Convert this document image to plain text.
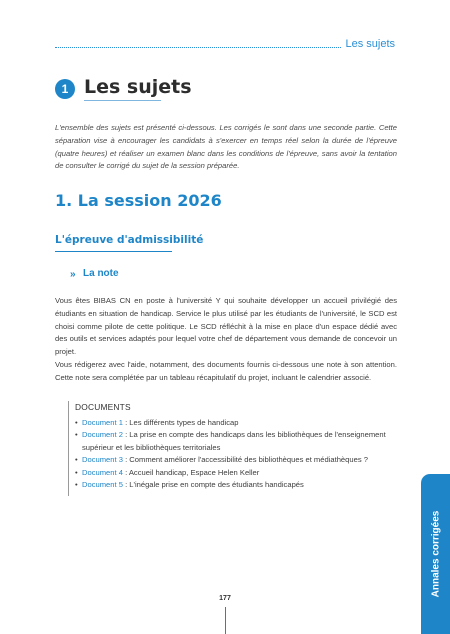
Les sujets
1 Les sujets
L'ensemble des sujets est présenté ci-dessous. Les corrigés le sont dans une seconde partie. Cette séparation vise à encourager les candidats à s'exercer en temps réel selon la durée de l'épreuve (quatre heures) et réaliser un examen blanc dans les conditions de l'épreuve, sans avoir la tentation de consulter le corrigé du sujet de la session préparée.
1. La session 2026
L'épreuve d'admissibilité
» La note

Vous êtes BIBAS CN en poste à l'université Y qui souhaite développer un accueil privilégié des étudiants en situation de handicap. Service le plus utilisé par les étudiants de l'université, le SCD est choisi comme pilote de cette politique. Le SCD réfléchit à la mise en place d'un espace dédié avec des outils et services adaptés pour lequel votre chef de département vous demande de concevoir un projet.

Vous rédigerez avec l'aide, notamment, des documents fournis ci-dessous une note à son attention. Cette note sera complétée par un tableau récapitulatif du projet, incluant le calendrier associé.

DOCUMENTS
• Document 1 : Les différents types de handicap
• Document 2 : La prise en compte des handicaps dans les bibliothèques de l'enseignement supérieur et les bibliothèques territoriales
• Document 3 : Comment améliorer l'accessibilité des bibliothèques et médiathèques ?
• Document 4 : Accueil handicap, Espace Helen Keller
• Document 5 : L'inégale prise en compte des étudiants handicapés
Annales corrigées
177
